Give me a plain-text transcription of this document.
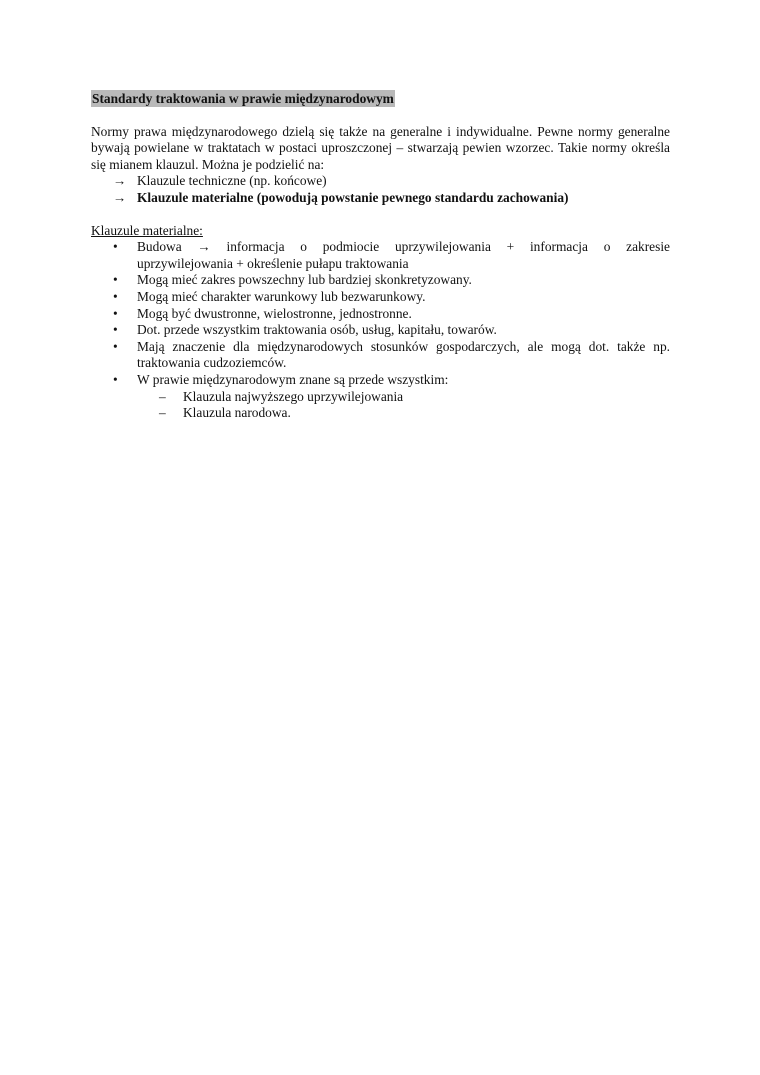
Standardy traktowania w prawie międzynarodowym

Normy prawa międzynarodowego dzielą się także na generalne i indywidualne. Pewne normy generalne bywają powielane w traktatach w postaci uproszczonej – stwarzają pewien wzorzec. Takie normy określa się mianem klauzul. Można je podzielić na:

→ Klauzule techniczne (np. końcowe)
→ Klauzule materialne (powodują powstanie pewnego standardu zachowania)

Klauzule materialne:

• Budowa → informacja o podmiocie uprzywilejowania + informacja o zakresie
uprzywilejowania + określenie pułapu traktowania
• Mogą mieć zakres powszechny lub bardziej skonkretyzowany.
• Mogą mieć charakter warunkowy lub bezwarunkowy.
• Mogą być dwustronne, wielostronne, jednostronne.
• Dot. przede wszystkim traktowania osób, usług, kapitału, towarów.
• Mają znaczenie dla międzynarodowych stosunków gospodarczych, ale mogą dot. także np. traktowania cudzoziemców.
• W prawie międzynarodowym znane są przede wszystkim:
– Klauzula najwyższego uprzywilejowania
– Klauzula narodowa.
